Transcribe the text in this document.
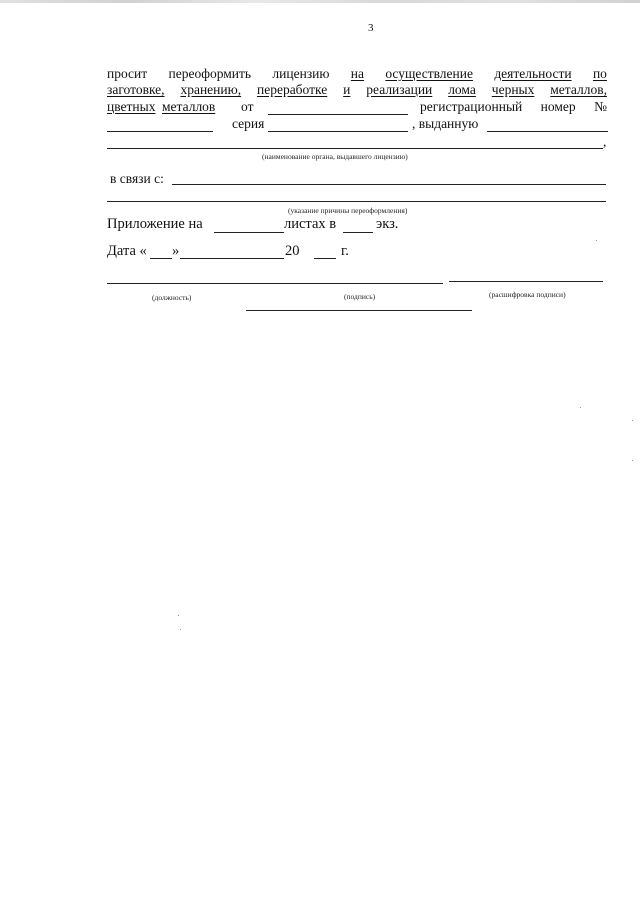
3
просит переоформить лицензию на осуществление деятельности по
заготовке, хранению, переработке и реализации лома черных металлов,
цветных металлов от	регистрационный номер №
серия	, выданную
,
(наименование органа, выдавшего лицензию)
в связи с:
(указание причины переоформления)
Приложение на	листах в	экз.
Дата « »	20	г.
(должность)	(подпись)	(расшифровка подписи)
